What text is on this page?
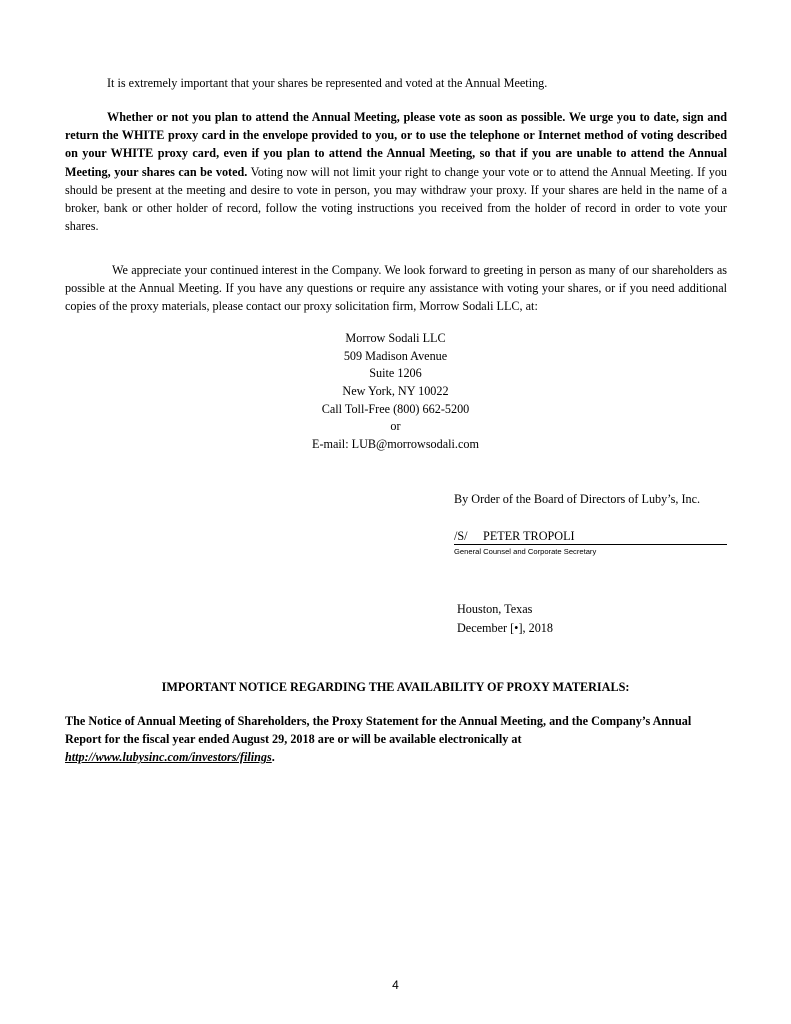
It is extremely important that your shares be represented and voted at the Annual Meeting.

Whether or not you plan to attend the Annual Meeting, please vote as soon as possible. We urge you to date, sign and return the WHITE proxy card in the envelope provided to you, or to use the telephone or Internet method of voting described on your WHITE proxy card, even if you plan to attend the Annual Meeting, so that if you are unable to attend the Annual Meeting, your shares can be voted. Voting now will not limit your right to change your vote or to attend the Annual Meeting. If you should be present at the meeting and desire to vote in person, you may withdraw your proxy. If your shares are held in the name of a broker, bank or other holder of record, follow the voting instructions you received from the holder of record in order to vote your shares.

We appreciate your continued interest in the Company. We look forward to greeting in person as many of our shareholders as possible at the Annual Meeting. If you have any questions or require any assistance with voting your shares, or if you need additional copies of the proxy materials, please contact our proxy solicitation firm, Morrow Sodali LLC, at:

Morrow Sodali LLC
509 Madison Avenue
Suite 1206
New York, NY 10022
Call Toll-Free (800) 662-5200
or
E-mail: LUB@morrowsodali.com
By Order of the Board of Directors of Luby’s, Inc.
/S/ PETER TROPOLI
General Counsel and Corporate Secretary
Houston, Texas
December [•], 2018
IMPORTANT NOTICE REGARDING THE AVAILABILITY OF PROXY MATERIALS:

The Notice of Annual Meeting of Shareholders, the Proxy Statement for the Annual Meeting, and the Company’s Annual Report for the fiscal year ended August 29, 2018 are or will be available electronically at http://www.lubysinc.com/investors/filings.

4
